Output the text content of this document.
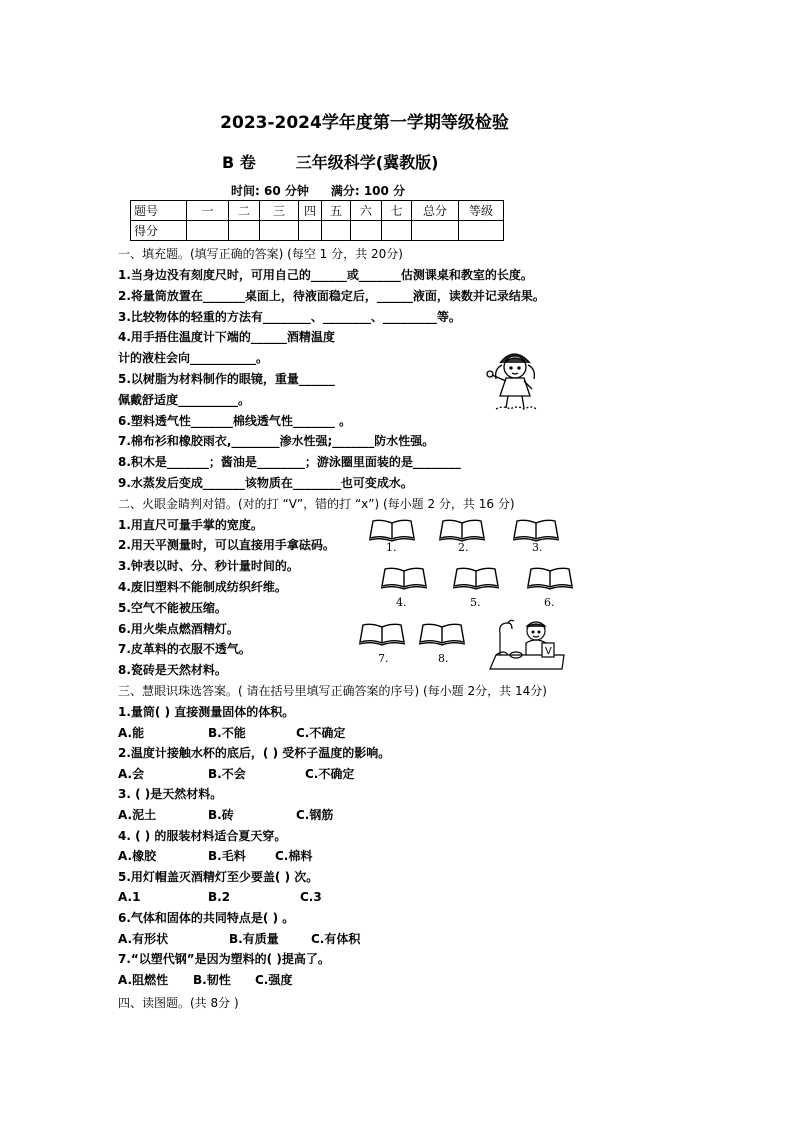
2023-2024学年度第一学期等级检验
B 卷	三年级科学(冀教版)
时间: 60 分钟 满分: 100 分
题号	一	二	三	四	五	六	七	总分	等级
得分									
一、填充题。(填写正确的答案) (每空 1 分，共 20分)
1.当身边没有刻度尺时，可用自己的______或_______估测课桌和教室的长度。
2.将量筒放置在_______桌面上，待液面稳定后，______液面，读数并记录结果。
3.比较物体的轻重的方法有________、________、_________等。
4.用手捂住温度计下端的______酒精温度
计的液柱会向___________。
5.以树脂为材料制作的眼镜，重量______
佩戴舒适度__________。
6.塑料透气性_______棉线透气性_______ 。
7.棉布衫和橡胶雨衣,________渗水性强;_______防水性强。
8.积木是_______；酱油是________；游泳圈里面装的是________
9.水蒸发后变成_______该物质在________也可变成水。
二、火眼金睛判对错。(对的打 “V”，错的打 “x”) (每小题 2 分，共 16 分)
1.用直尺可量手掌的宽度。
2.用天平测量时，可以直接用手拿砝码。
3.钟表以时、分、秒计量时间的。
4.废旧塑料不能制成纺织纤维。
5.空气不能被压缩。
6.用火柴点燃酒精灯。
7.皮革料的衣服不透气。
8.瓷砖是天然材料。
1.	2.	3.
4.	5.	6.
7.	8.
V
三、慧眼识珠选答案。( 请在括号里填写正确答案的序号) (每小题 2分，共 14分)
1.量筒( ) 直接测量固体的体积。
A.能	B.不能	C.不确定
2.温度计接触水杯的底后，( ) 受杯子温度的影响。
A.会	B.不会	C.不确定
3. ( )是天然材料。
A.泥土	B.砖	C.钢筋
4. ( ) 的服装材料适合夏天穿。
A.橡胶	B.毛料 C.棉料
5.用灯帽盖灭酒精灯至少要盖( ) 次。
A.1	B.2	C.3
6.气体和固体的共同特点是( ) 。
A.有形状	B.有质量	C.有体积
7.“以塑代钢”是因为塑料的( )提高了。
A.阻燃性 B.韧性 C.强度
四、读图题。(共 8分 )
